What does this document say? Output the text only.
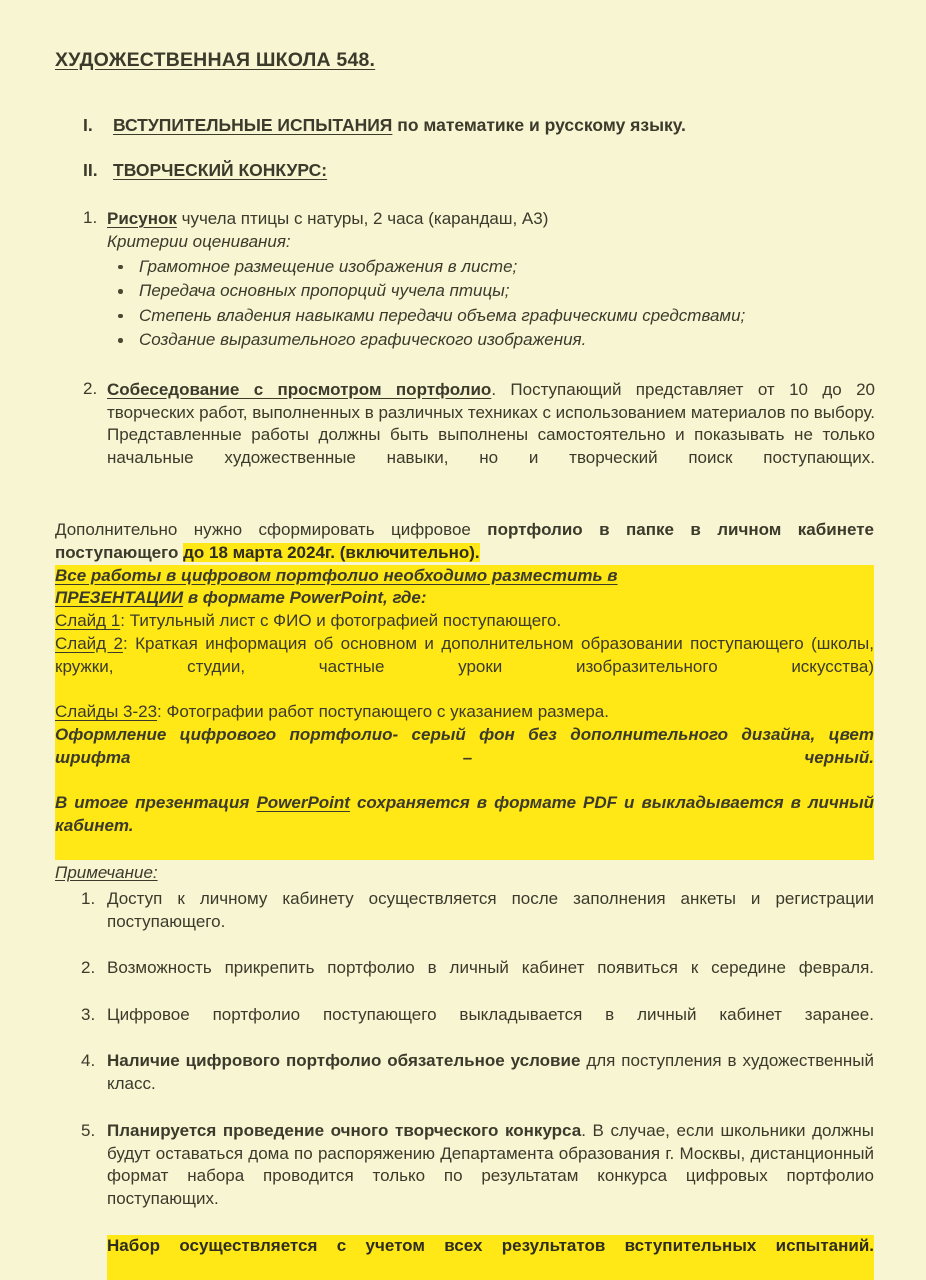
ХУДОЖЕСТВЕННАЯ ШКОЛА 548.
I.	ВСТУПИТЕЛЬНЫЕ ИСПЫТАНИЯ по математике и русскому языку.
II. ТВОРЧЕСКИЙ КОНКУРС:
1. Рисунок чучела птицы с натуры, 2 часа (карандаш, А3)
Критерии оценивания:
Грамотное размещение изображения в листе;
Передача основных пропорций чучела птицы;
Степень владения навыками передачи объема графическими средствами;
Создание выразительного графического изображения.
2. Собеседование с просмотром портфолио. Поступающий представляет от 10 до 20 творческих работ, выполненных в различных техниках с использованием материалов по выбору. Представленные работы должны быть выполнены самостоятельно и показывать не только начальные художественные навыки, но и творческий поиск поступающих.
Дополнительно нужно сформировать цифровое портфолио в папке в личном кабинете поступающего до 18 марта 2024г. (включительно).
Все работы в цифровом портфолио необходимо разместить в
ПРЕЗЕНТАЦИИ в формате PowerPoint, где:
Слайд 1: Титульный лист с ФИО и фотографией поступающего.
Слайд 2: Краткая информация об основном и дополнительном образовании поступающего (школы, кружки, студии, частные уроки изобразительного искусства)
Слайды 3-23: Фотографии работ поступающего с указанием размера.
Оформление цифрового портфолио- серый фон без дополнительного дизайна, цвет шрифта – черный.
В итоге презентация PowerPoint сохраняется в формате PDF и выкладывается в личный кабинет.
Примечание:
1. Доступ к личному кабинету осуществляется после заполнения анкеты и регистрации поступающего.
2. Возможность прикрепить портфолио в личный кабинет появиться к середине февраля.
3. Цифровое портфолио поступающего выкладывается в личный кабинет заранее.
4. Наличие цифрового портфолио обязательное условие для поступления в художественный класс.
5. Планируется проведение очного творческого конкурса. В случае, если школьники должны будут оставаться дома по распоряжению Департамента образования г. Москвы, дистанционный формат набора проводится только по результатам конкурса цифровых портфолио поступающих.
Набор осуществляется с учетом всех результатов вступительных испытаний.
